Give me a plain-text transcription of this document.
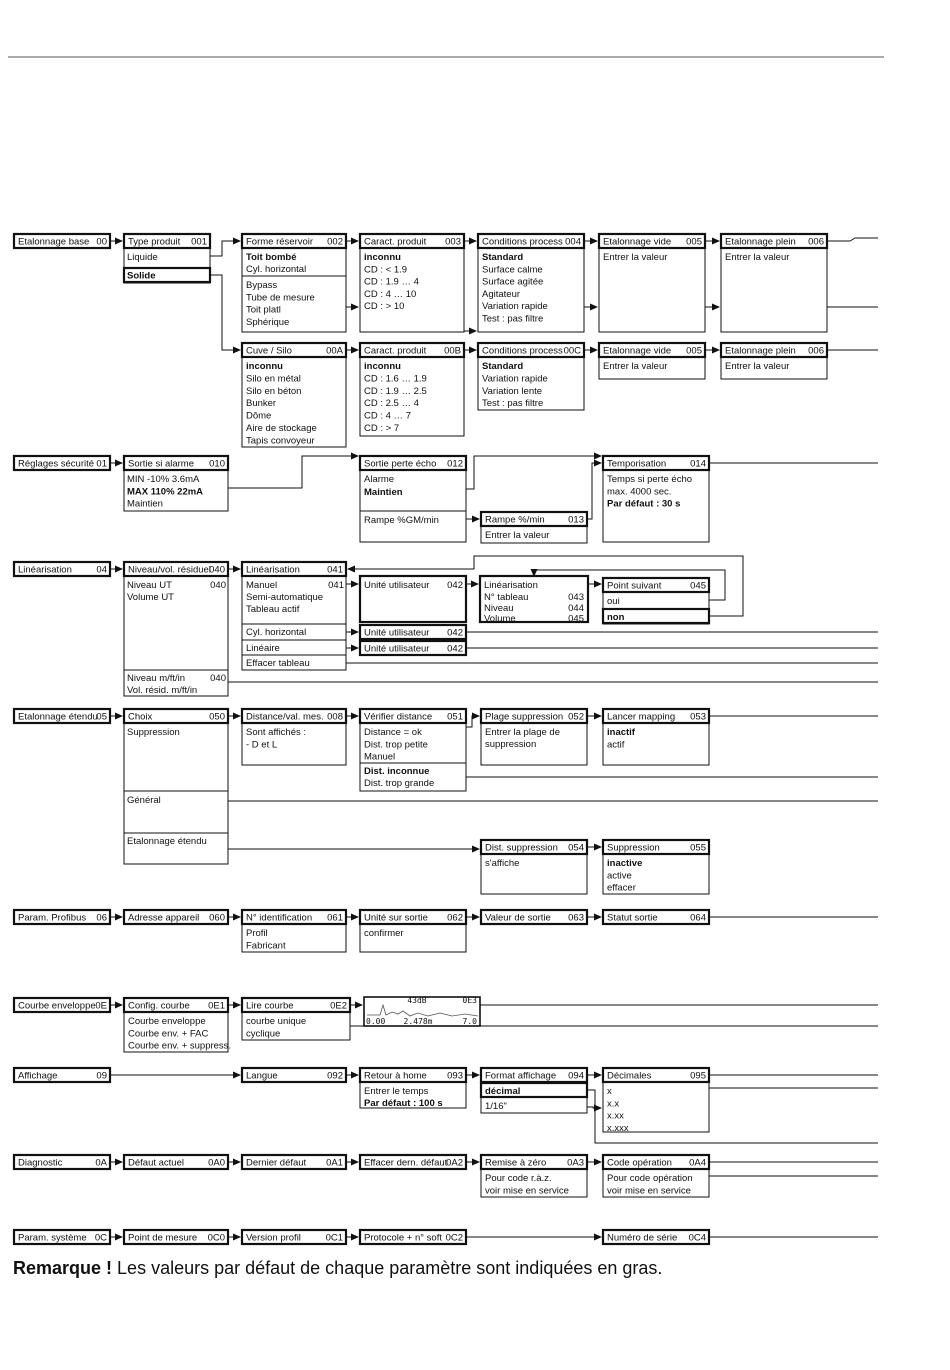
Etalonnage base 00 Type produit 001
Liquide
Solide
Forme réservoir 002
Toit bombé
Cyl. horizontal
Bypass
Tube de mesure
Toit platl
Sphérique
Caract. produit 003
inconnu
CD : < 1.9
CD : 1.9 … 4
CD : 4 … 10
CD : > 10
Conditions process 004
Standard
Surface calme
Surface agitée
Agitateur
Variation rapide
Test : pas filtre
Etalonnage vide 005
Entrer la valeur
Etalonnage plein 006
Entrer la valeur
Cuve / Silo	00A
inconnu
Silo en métal
Silo en béton
Bunker
Dôme
Aire de stockage
Tapis convoyeur
Caract. produit 00B
inconnu
CD : 1.6 … 1.9
CD : 1.9 … 2.5
CD : 2.5 … 4
CD : 4 … 7
CD : > 7
Conditions process 00C
Standard
Variation rapide
Variation lente
Test : pas filtre
Etalonnage vide 005
Entrer la valeur
Etalonnage plein 006
Entrer la valeur
Réglages sécurité 01 Sortie si alarme 010
MIN -10% 3.6mA
MAX 110% 22mA
Maintien
Sortie perte écho 012
Alarme
Maintien
Rampe %GM/min	Rampe %/min 013
Entrer la valeur
Temporisation	014
Temps si perte écho
max. 4000 sec.
Par défaut : 30 s
Linéarisation	04 Niveau/vol. résiduel
040
Niveau UT	040
Volume UT
Niveau m/ft/in	040
Vol. résid. m/ft/in
Linéarisation	041
Manuel	041
Semi-automatique
Tableau actif
Cyl. horizontal
Linéaire
Effacer tableau
Unité utilisateur 042
Unité utilisateur 042
Unité utilisateur 042
Linéarisation
N° tableau	043
Niveau	044
Volume	045
Point suivant	045
oui
non
Etalonnage étendu
05 Choix	050
Suppression
Général
Etalonnage étendu
Distance/val. mes. 008
Sont affichés :
- D et L
Vérifier distance 051
Distance = ok
Dist. trop petite
Manuel
Dist. inconnue
Dist. trop grande
Plage suppression 052
Entrer la plage de
suppression
Lancer mapping 053
inactif
actif
Dist. suppression 054
s'affiche
Suppression	055
inactive
active
effacer
Param. Profibus 06 Adresse appareil 060 N° identification 061
Profil
Fabricant
Unité sur sortie 062
confirmer
Valeur de sortie 063 Statut sortie	064
Courbe enveloppe 0E Config. courbe 0E1
Courbe enveloppe
Courbe env. + FAC
Courbe env. + suppress.
Lire courbe	0E2
courbe unique
cyclique
43dB	0E3
0.00 2.478m	7.0
Affichage	09	Langue	092 Retour à home 093
Entrer le temps
Par défaut : 100 s
Format affichage 094
décimal
1/16"
Décimales	095
x
x.x
x.xx
x.xxx
Diagnostic	0A Défaut actuel	0A0 Dernier défaut 0A1 Effacer dern. défaut
0A2 Remise à zéro 0A3
Pour code r.à.z.
voir mise en service
Code opération 0A4
Pour code opération
voir mise en service
Param. système 0C Point de mesure 0C0 Version profil	0C1 Protocole + n° soft 0C2	Numéro de série 0C4
Remarque ! Les valeurs par défaut de chaque paramètre sont indiquées en gras.
